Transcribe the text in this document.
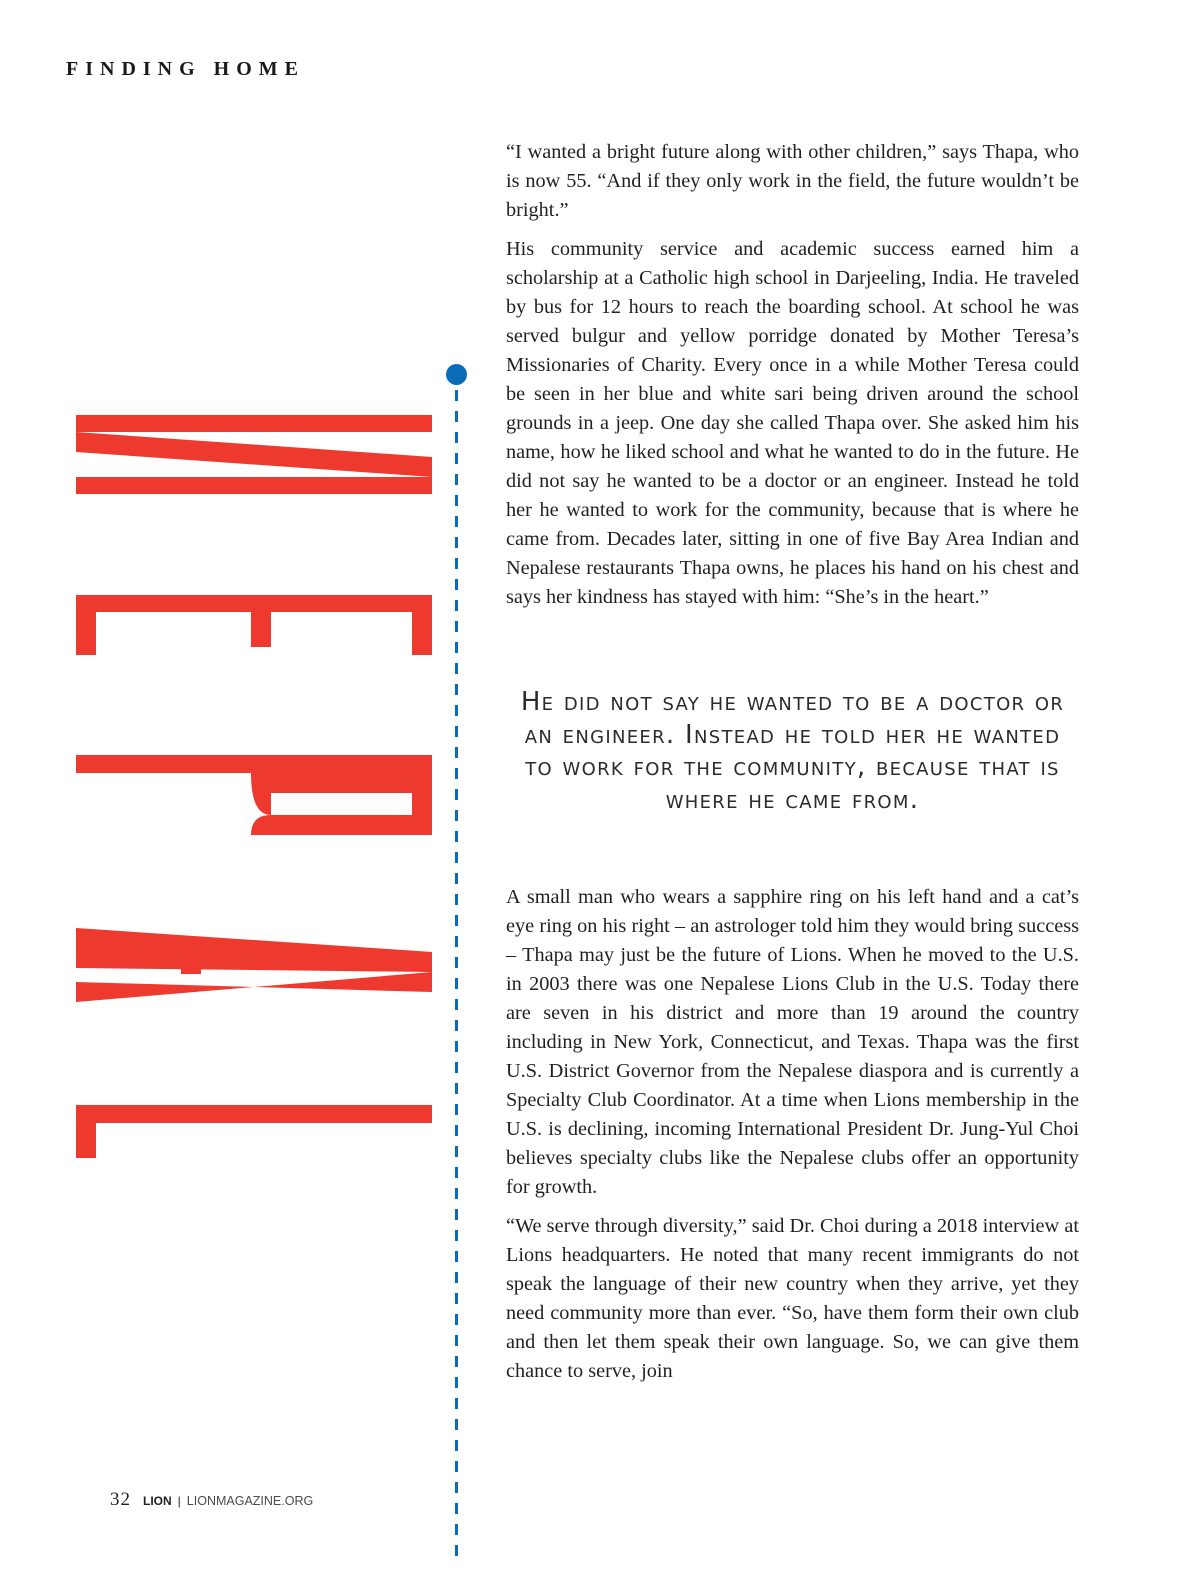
FINDING HOME

“I wanted a bright future along with other children,” says Thapa, who is now 55. “And if they only work in the field, the future wouldn’t be bright.”

His community service and academic success earned him a scholarship at a Catholic high school in Darjeeling, India. He traveled by bus for 12 hours to reach the boarding school. At school he was served bulgur and yellow porridge donated by Mother Teresa’s Missionaries of Charity. Every once in a while Mother Teresa could be seen in her blue and white sari being driven around the school grounds in a jeep. One day she called Thapa over. She asked him his name, how he liked school and what he wanted to do in the future. He did not say he wanted to be a doctor or an engineer. Instead he told her he wanted to work for the community, because that is where he came from. Decades later, sitting in one of five Bay Area Indian and Nepalese restaurants Thapa owns, he places his hand on his chest and says her kindness has stayed with him: “She’s in the heart.”

He did not say he wanted to be a doctor or an engineer. Instead he told her he wanted to work for the community, because that is where he came from.

A small man who wears a sapphire ring on his left hand and a cat’s eye ring on his right – an astrologer told him they would bring success – Thapa may just be the future of Lions. When he moved to the U.S. in 2003 there was one Nepalese Lions Club in the U.S. Today there are seven in his district and more than 19 around the country including in New York, Connecticut, and Texas. Thapa was the first U.S. District Governor from the Nepalese diaspora and is currently a Specialty Club Coordinator. At a time when Lions membership in the U.S. is declining, incoming International President Dr. Jung-Yul Choi believes specialty clubs like the Nepalese clubs offer an opportunity for growth.

“We serve through diversity,” said Dr. Choi during a 2018 interview at Lions headquarters. He noted that many recent immigrants do not speak the language of their new country when they arrive, yet they need community more than ever. “So, have them form their own club and then let them speak their own language. So, we can give them chance to serve, join

32 LION | LIONMAGAZINE.ORG
